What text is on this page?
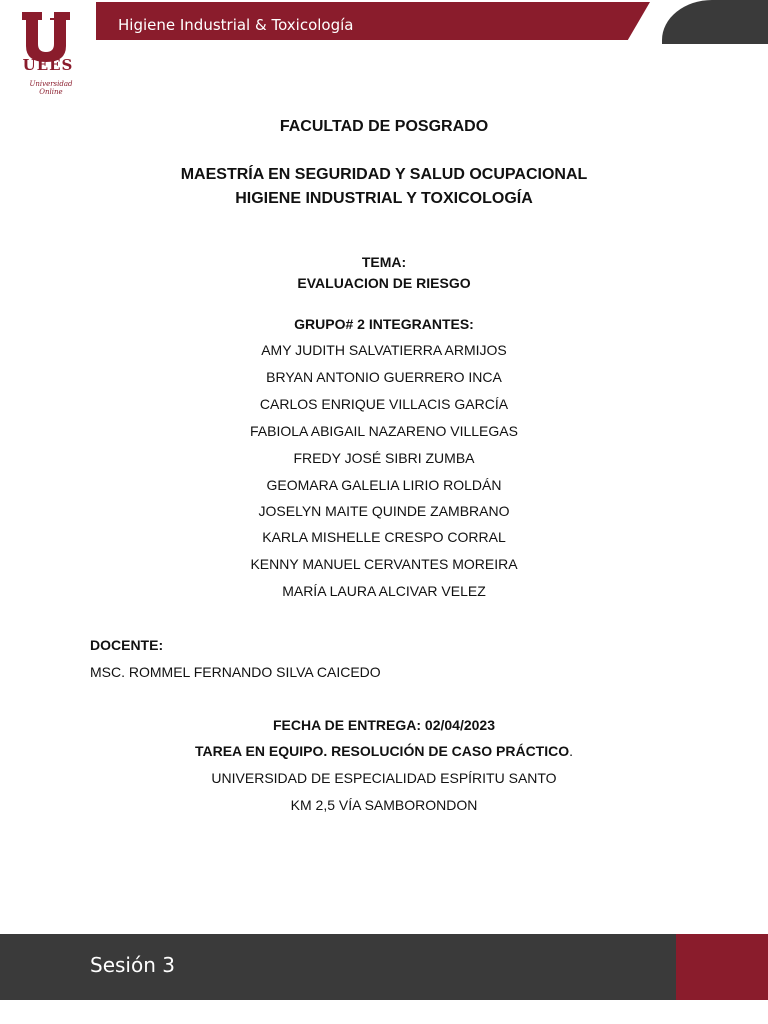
UEES
Universidad Online
Higiene Industrial & Toxicología
FACULTAD DE POSGRADO
MAESTRÍA EN SEGURIDAD Y SALUD OCUPACIONAL
HIGIENE INDUSTRIAL Y TOXICOLOGÍA
TEMA:
EVALUACION DE RIESGO
GRUPO# 2 INTEGRANTES:
AMY JUDITH SALVATIERRA ARMIJOS
BRYAN ANTONIO GUERRERO INCA
CARLOS ENRIQUE VILLACIS GARCÍA
FABIOLA ABIGAIL NAZARENO VILLEGAS
FREDY JOSÉ SIBRI ZUMBA
GEOMARA GALELIA LIRIO ROLDÁN
JOSELYN MAITE QUINDE ZAMBRANO
KARLA MISHELLE CRESPO CORRAL
KENNY MANUEL CERVANTES MOREIRA
MARÍA LAURA ALCIVAR VELEZ
DOCENTE:
MSC. ROMMEL FERNANDO SILVA CAICEDO
FECHA DE ENTREGA: 02/04/2023
TAREA EN EQUIPO. RESOLUCIÓN DE CASO PRÁCTICO.
UNIVERSIDAD DE ESPECIALIDAD ESPÍRITU SANTO
KM 2,5 VÍA SAMBORONDON
Sesión 3
